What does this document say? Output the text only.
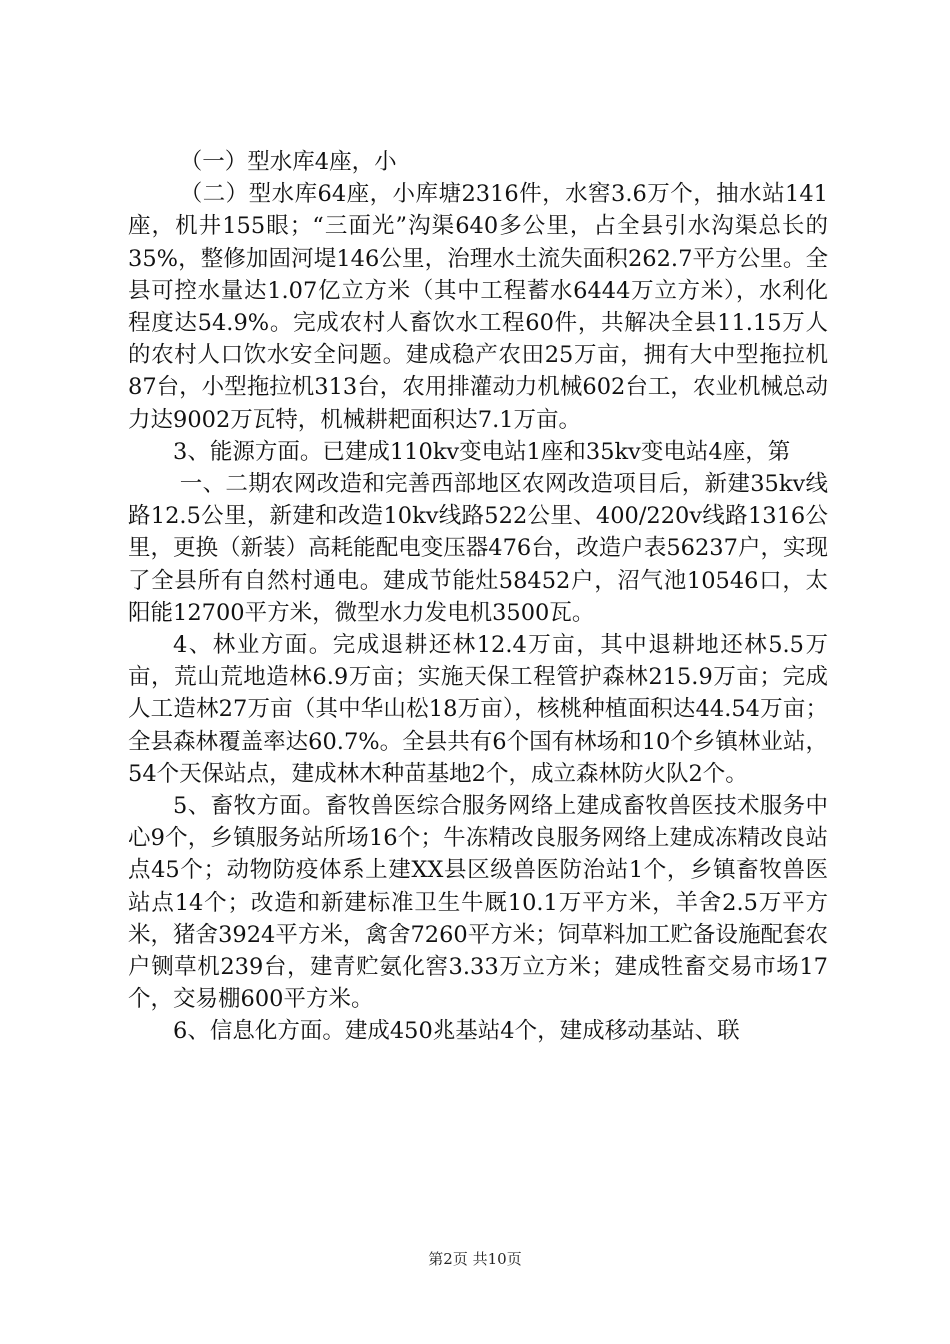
（一）型水库4座，小

（二）型水库64座，小库塘2316件，水窖3.6万个，抽水站141座，机井155眼；“三面光”沟渠640多公里，占全县引水沟渠总长的35%，整修加固河堤146公里，治理水土流失面积262.7平方公里。全县可控水量达1.07亿立方米（其中工程蓄水6444万立方米），水利化程度达54.9%。完成农村人畜饮水工程60件，共解决全县11.15万人的农村人口饮水安全问题。建成稳产农田25万亩，拥有大中型拖拉机87台，小型拖拉机313台，农用排灌动力机械602台工，农业机械总动力达9002万瓦特，机械耕耙面积达7.1万亩。

3、能源方面。已建成110kv变电站1座和35kv变电站4座，第

一、二期农网改造和完善西部地区农网改造项目后，新建35kv线路12.5公里，新建和改造10kv线路522公里、400/220v线路1316公里，更换（新装）高耗能配电变压器476台，改造户表56237户，实现了全县所有自然村通电。建成节能灶58452户，沼气池10546口，太阳能12700平方米，微型水力发电机3500瓦。

4、林业方面。完成退耕还林12.4万亩，其中退耕地还林5.5万亩，荒山荒地造林6.9万亩；实施天保工程管护森林215.9万亩；完成人工造林27万亩（其中华山松18万亩），核桃种植面积达44.54万亩；全县森林覆盖率达60.7%。全县共有6个国有林场和10个乡镇林业站，54个天保站点，建成林木种苗基地2个，成立森林防火队2个。

5、畜牧方面。畜牧兽医综合服务网络上建成畜牧兽医技术服务中心9个，乡镇服务站所场16个；牛冻精改良服务网络上建成冻精改良站点45个；动物防疫体系上建XX县区级兽医防治站1个，乡镇畜牧兽医站点14个；改造和新建标准卫生牛厩10.1万平方米，羊舍2.5万平方米，猪舍3924平方米，禽舍7260平方米；饲草料加工贮备设施配套农户铡草机239台，建青贮氨化窖3.33万立方米；建成牲畜交易市场17个，交易棚600平方米。

6、信息化方面。建成450兆基站4个，建成移动基站、联

第2页 共10页
